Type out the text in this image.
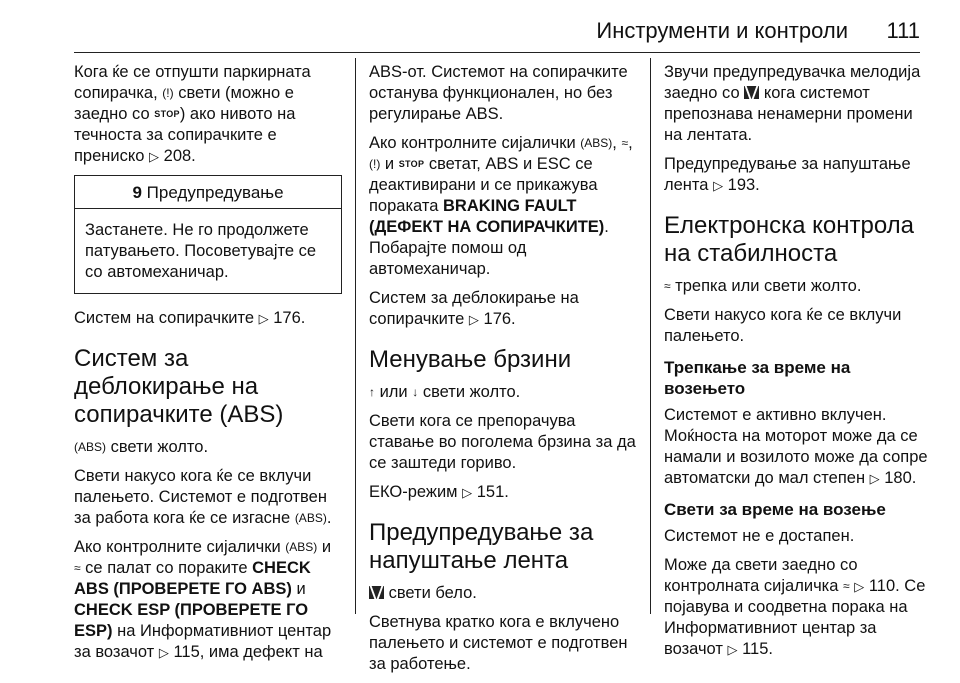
Инструменти и контроли 111

Кога ќе се отпушти паркирната сопирачка, (!) свети (можно е заедно со STOP) ако нивото на течноста за сопирачките е прениско ▷ 208.

9 Предупредување
Застанете. Не го продолжете патувањето. Посоветувајте се со автомеханичар.

Систем на сопирачките ▷ 176.

Систем за деблокирање на сопирачките (ABS)

(ABS) свети жолто.

Свети накусо кога ќе се вклучи палењето. Системот е подготвен за работа кога ќе се изгасне (ABS).

Ако контролните сијалички (ABS) и ≈ се палат со пораките CHECK ABS (ПРОВЕРЕТЕ ГО ABS) и CHECK ESP (ПРОВЕРЕТЕ ГО ESP) на Информативниот центар за возачот ▷ 115, има дефект на

ABS-от. Системот на сопирачките останува функционален, но без регулирање ABS.

Ако контролните сијалички (ABS), ≈, (!) и STOP светат, ABS и ESC се деактивирани и се прикажува пораката BRAKING FAULT (ДЕФЕКТ НА СОПИРАЧКИТЕ). Побарајте помош од автомеханичар.

Систем за деблокирање на сопирачките ▷ 176.

Менување брзини

↑ или ↓ свети жолто.

Свети кога се препорачува ставање во поголема брзина за да се заштеди гориво.

ЕКО-режим ▷ 151.

Предупредување за напуштање лента

свети бело.

Светнува кратко кога е вклучено палењето и системот е подготвен за работење.

Звучи предупредувачка мелодија заедно со  кога системот препознава ненамерни промени на лентата.

Предупредување за напуштање лента ▷ 193.

Електронска контрола на стабилноста

≈ трепка или свети жолто.

Свети накусо кога ќе се вклучи палењето.

Трепкање за време на возењето

Системот е активно вклучен. Моќноста на моторот може да се намали и возилото може да сопре автоматски до мал степен ▷ 180.

Свети за време на возење

Системот не е достапен.

Може да свети заедно со контролната сијаличка ≈ ▷ 110. Се појавува и соодветна порака на Информативниот центар за возачот ▷ 115.
